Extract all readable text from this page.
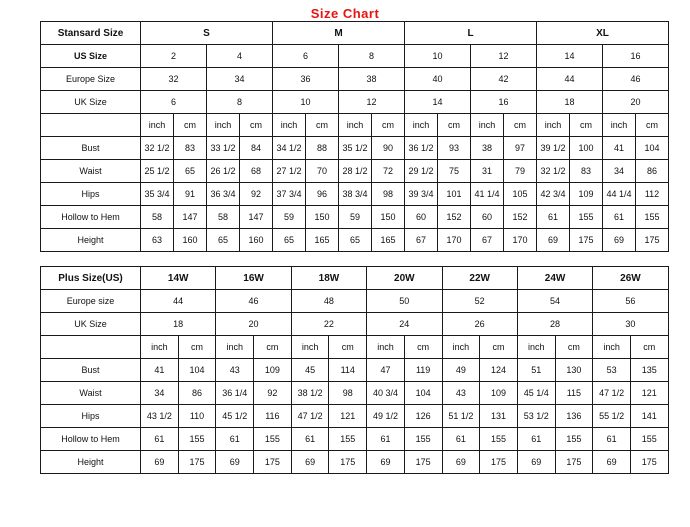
Size Chart
Stansard Size	S				M				L				XL			
US Size	2		4		6		8		10		12		14		16	
Europe Size	32		34		36		38		40		42		44		46	
UK Size	6		8		10		12		14		16		18		20	
	inch	cm	inch	cm	inch	cm	inch	cm	inch	cm	inch	cm	inch	cm	inch	cm
Bust	32 1/2	83	33 1/2	84	34 1/2	88	35 1/2	90	36 1/2	93	38	97	39 1/2	100	41	104
Waist	25 1/2	65	26 1/2	68	27 1/2	70	28 1/2	72	29 1/2	75	31	79	32 1/2	83	34	86
Hips	35 3/4	91	36 3/4	92	37 3/4	96	38 3/4	98	39 3/4	101	41 1/4	105	42 3/4	109	44 1/4	112
Hollow to Hem	58	147	58	147	59	150	59	150	60	152	60	152	61	155	61	155
Height	63	160	65	160	65	165	65	165	67	170	67	170	69	175	69	175
Plus Size(US)	14W		16W		18W		20W		22W		24W		26W	
Europe size	44		46		48		50		52		54		56	
UK Size	18		20		22		24		26		28		30	
	inch	cm	inch	cm	inch	cm	inch	cm	inch	cm	inch	cm	inch	cm
Bust	41	104	43	109	45	114	47	119	49	124	51	130	53	135
Waist	34	86	36 1/4	92	38 1/2	98	40 3/4	104	43	109	45 1/4	115	47 1/2	121
Hips	43 1/2	110	45 1/2	116	47 1/2	121	49 1/2	126	51 1/2	131	53 1/2	136	55 1/2	141
Hollow to Hem	61	155	61	155	61	155	61	155	61	155	61	155	61	155
Height	69	175	69	175	69	175	69	175	69	175	69	175	69	175
